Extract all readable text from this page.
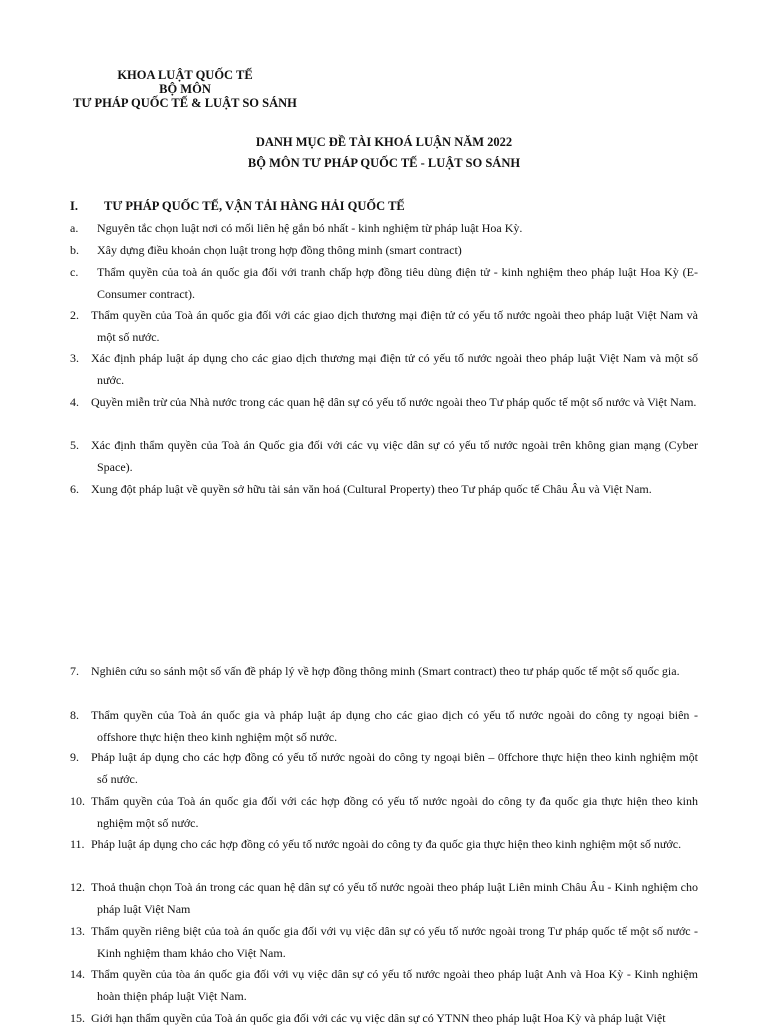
KHOA LUẬT QUỐC TẾ
BỘ MÔN
TƯ PHÁP QUỐC TẾ & LUẬT SO SÁNH
DANH MỤC ĐỀ TÀI KHOÁ LUẬN NĂM 2022
BỘ MÔN TƯ PHÁP QUỐC TẾ - LUẬT SO SÁNH
I. TƯ PHÁP QUỐC TẾ, VẬN TẢI HÀNG HẢI QUỐC TẾ
a. Nguyên tắc chọn luật nơi có mối liên hệ gắn bó nhất - kinh nghiệm từ pháp luật Hoa Kỳ.
b. Xây dựng điều khoản chọn luật trong hợp đồng thông minh (smart contract)
c. Thẩm quyền của toà án quốc gia đối với tranh chấp hợp đồng tiêu dùng điện tử - kinh nghiệm theo pháp luật Hoa Kỳ (E-Consumer contract).
2. Thẩm quyền của Toà án quốc gia đối với các giao dịch thương mại điện tử có yếu tố nước ngoài theo pháp luật Việt Nam và một số nước.
3. Xác định pháp luật áp dụng cho các giao dịch thương mại điện tử có yếu tố nước ngoài theo pháp luật Việt Nam và một số nước.
4. Quyền miễn trừ của Nhà nước trong các quan hệ dân sự có yếu tố nước ngoài theo Tư pháp quốc tế một số nước và Việt Nam.
5. Xác định thẩm quyền của Toà án Quốc gia đối với các vụ việc dân sự có yếu tố nước ngoài trên không gian mạng (Cyber Space).
6. Xung đột pháp luật về quyền sở hữu tài sản văn hoá (Cultural Property) theo Tư pháp quốc tế Châu Âu và Việt Nam.
7. Nghiên cứu so sánh một số vấn đề pháp lý về hợp đồng thông minh (Smart contract) theo tư pháp quốc tế một số quốc gia.
8. Thẩm quyền của Toà án quốc gia và pháp luật áp dụng cho các giao dịch có yếu tố nước ngoài do công ty ngoại biên - offshore thực hiện theo kinh nghiệm một số nước.
9. Pháp luật áp dụng cho các hợp đồng có yếu tố nước ngoài do công ty ngoại biên – 0ffchore thực hiện theo kinh nghiệm một số nước.
10. Thẩm quyền của Toà án quốc gia đối với các hợp đồng có yếu tố nước ngoài do công ty đa quốc gia thực hiện theo kinh nghiệm một số nước.
11. Pháp luật áp dụng cho các hợp đồng có yếu tố nước ngoài do công ty đa quốc gia thực hiện theo kinh nghiệm một số nước.
12. Thoả thuận chọn Toà án trong các quan hệ dân sự có yếu tố nước ngoài theo pháp luật Liên minh Châu Âu - Kinh nghiệm cho pháp luật Việt Nam
13. Thẩm quyền riêng biệt của toà án quốc gia đối với vụ việc dân sự có yếu tố nước ngoài trong Tư pháp quốc tế một số nước - Kinh nghiệm tham khảo cho Việt Nam.
14. Thẩm quyền của tòa án quốc gia đối với vụ việc dân sự có yếu tố nước ngoài theo pháp luật Anh và Hoa Kỳ - Kinh nghiệm hoàn thiện pháp luật Việt Nam.
15. Giới hạn thẩm quyền của Toà án quốc gia đối với các vụ việc dân sự có YTNN theo pháp luật Hoa Kỳ và pháp luật Việt
